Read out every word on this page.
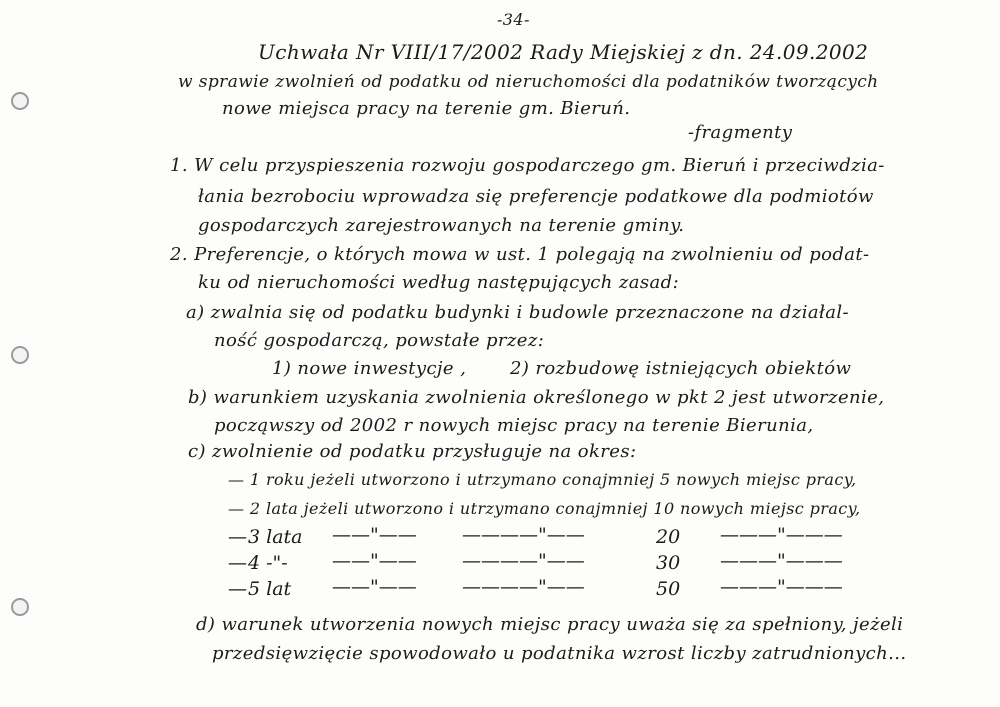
-34-
Uchwała Nr VIII/17/2002 Rady Miejskiej z dn. 24.09.2002
w sprawie zwolnień od podatku od nieruchomości dla podatników tworzących
nowe miejsca pracy na terenie gm. Bieruń.
-fragmenty
1. W celu przyspieszenia rozwoju gospodarczego gm. Bieruń i przeciwdzia-
łania bezrobociu wprowadza się preferencje podatkowe dla podmiotów
gospodarczych zarejestrowanych na terenie gminy.
2. Preferencje, o których mowa w ust. 1 polegają na zwolnieniu od podat-
ku od nieruchomości według następujących zasad:
a) zwalnia się od podatku budynki i budowle przeznaczone na działal-
ność gospodarczą, powstałe przez:
1) nowe inwestycje , 2) rozbudowę istniejących obiektów
b) warunkiem uzyskania zwolnienia określonego w pkt 2 jest utworzenie,
począwszy od 2002 r nowych miejsc pracy na terenie Bierunia,
c) zwolnienie od podatku przysługuje na okres:
— 1 roku jeżeli utworzono i utrzymano conajmniej 5 nowych miejsc pracy,
— 2 lata jeżeli utworzono i utrzymano conajmniej 10 nowych miejsc pracy,
— 3 lata ——"—— ————"——	20 ———"———
— 4 -"- ——"—— ————"——	30 ———"———
— 5 lat ——"—— ————"——	50 ———"———
d) warunek utworzenia nowych miejsc pracy uważa się za spełniony, jeżeli
przedsięwzięcie spowodowało u podatnika wzrost liczby zatrudnionych...
